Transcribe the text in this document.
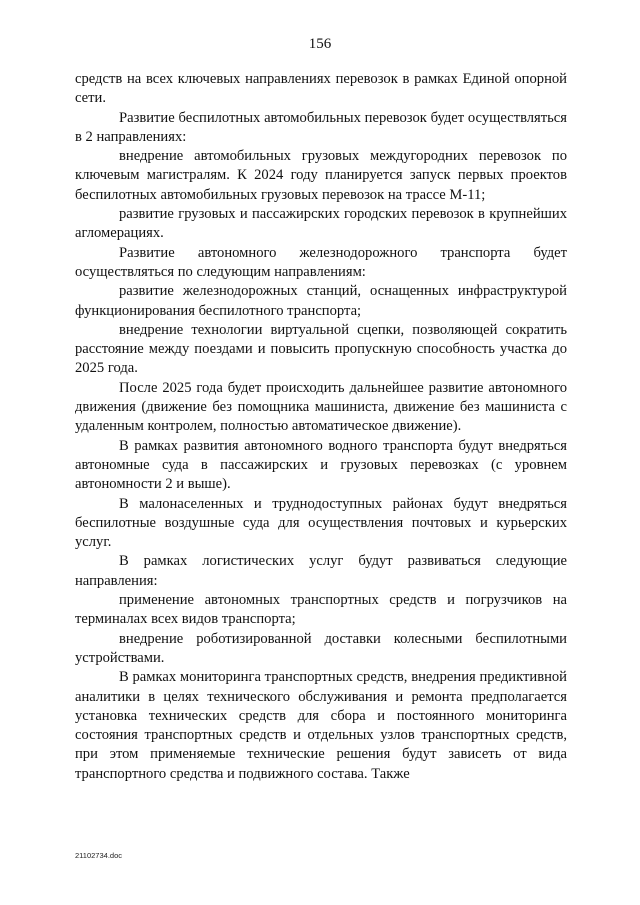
156

средств на всех ключевых направлениях перевозок в рамках Единой опорной сети.

Развитие беспилотных автомобильных перевозок будет осуществляться в 2 направлениях:

внедрение автомобильных грузовых междугородних перевозок по ключевым магистралям. К 2024 году планируется запуск первых проектов беспилотных автомобильных грузовых перевозок на трассе М-11;

развитие грузовых и пассажирских городских перевозок в крупнейших агломерациях.

Развитие автономного железнодорожного транспорта будет осуществляться по следующим направлениям:

развитие железнодорожных станций, оснащенных инфраструктурой функционирования беспилотного транспорта;

внедрение технологии виртуальной сцепки, позволяющей сократить расстояние между поездами и повысить пропускную способность участка до 2025 года.

После 2025 года будет происходить дальнейшее развитие автономного движения (движение без помощника машиниста, движение без машиниста с удаленным контролем, полностью автоматическое движение).

В рамках развития автономного водного транспорта будут внедряться автономные суда в пассажирских и грузовых перевозках (с уровнем автономности 2 и выше).

В малонаселенных и труднодоступных районах будут внедряться беспилотные воздушные суда для осуществления почтовых и курьерских услуг.

В рамках логистических услуг будут развиваться следующие направления:

применение автономных транспортных средств и погрузчиков на терминалах всех видов транспорта;

внедрение роботизированной доставки колесными беспилотными устройствами.

В рамках мониторинга транспортных средств, внедрения предиктивной аналитики в целях технического обслуживания и ремонта предполагается установка технических средств для сбора и постоянного мониторинга состояния транспортных средств и отдельных узлов транспортных средств, при этом применяемые технические решения будут зависеть от вида транспортного средства и подвижного состава. Также

21102734.doc
